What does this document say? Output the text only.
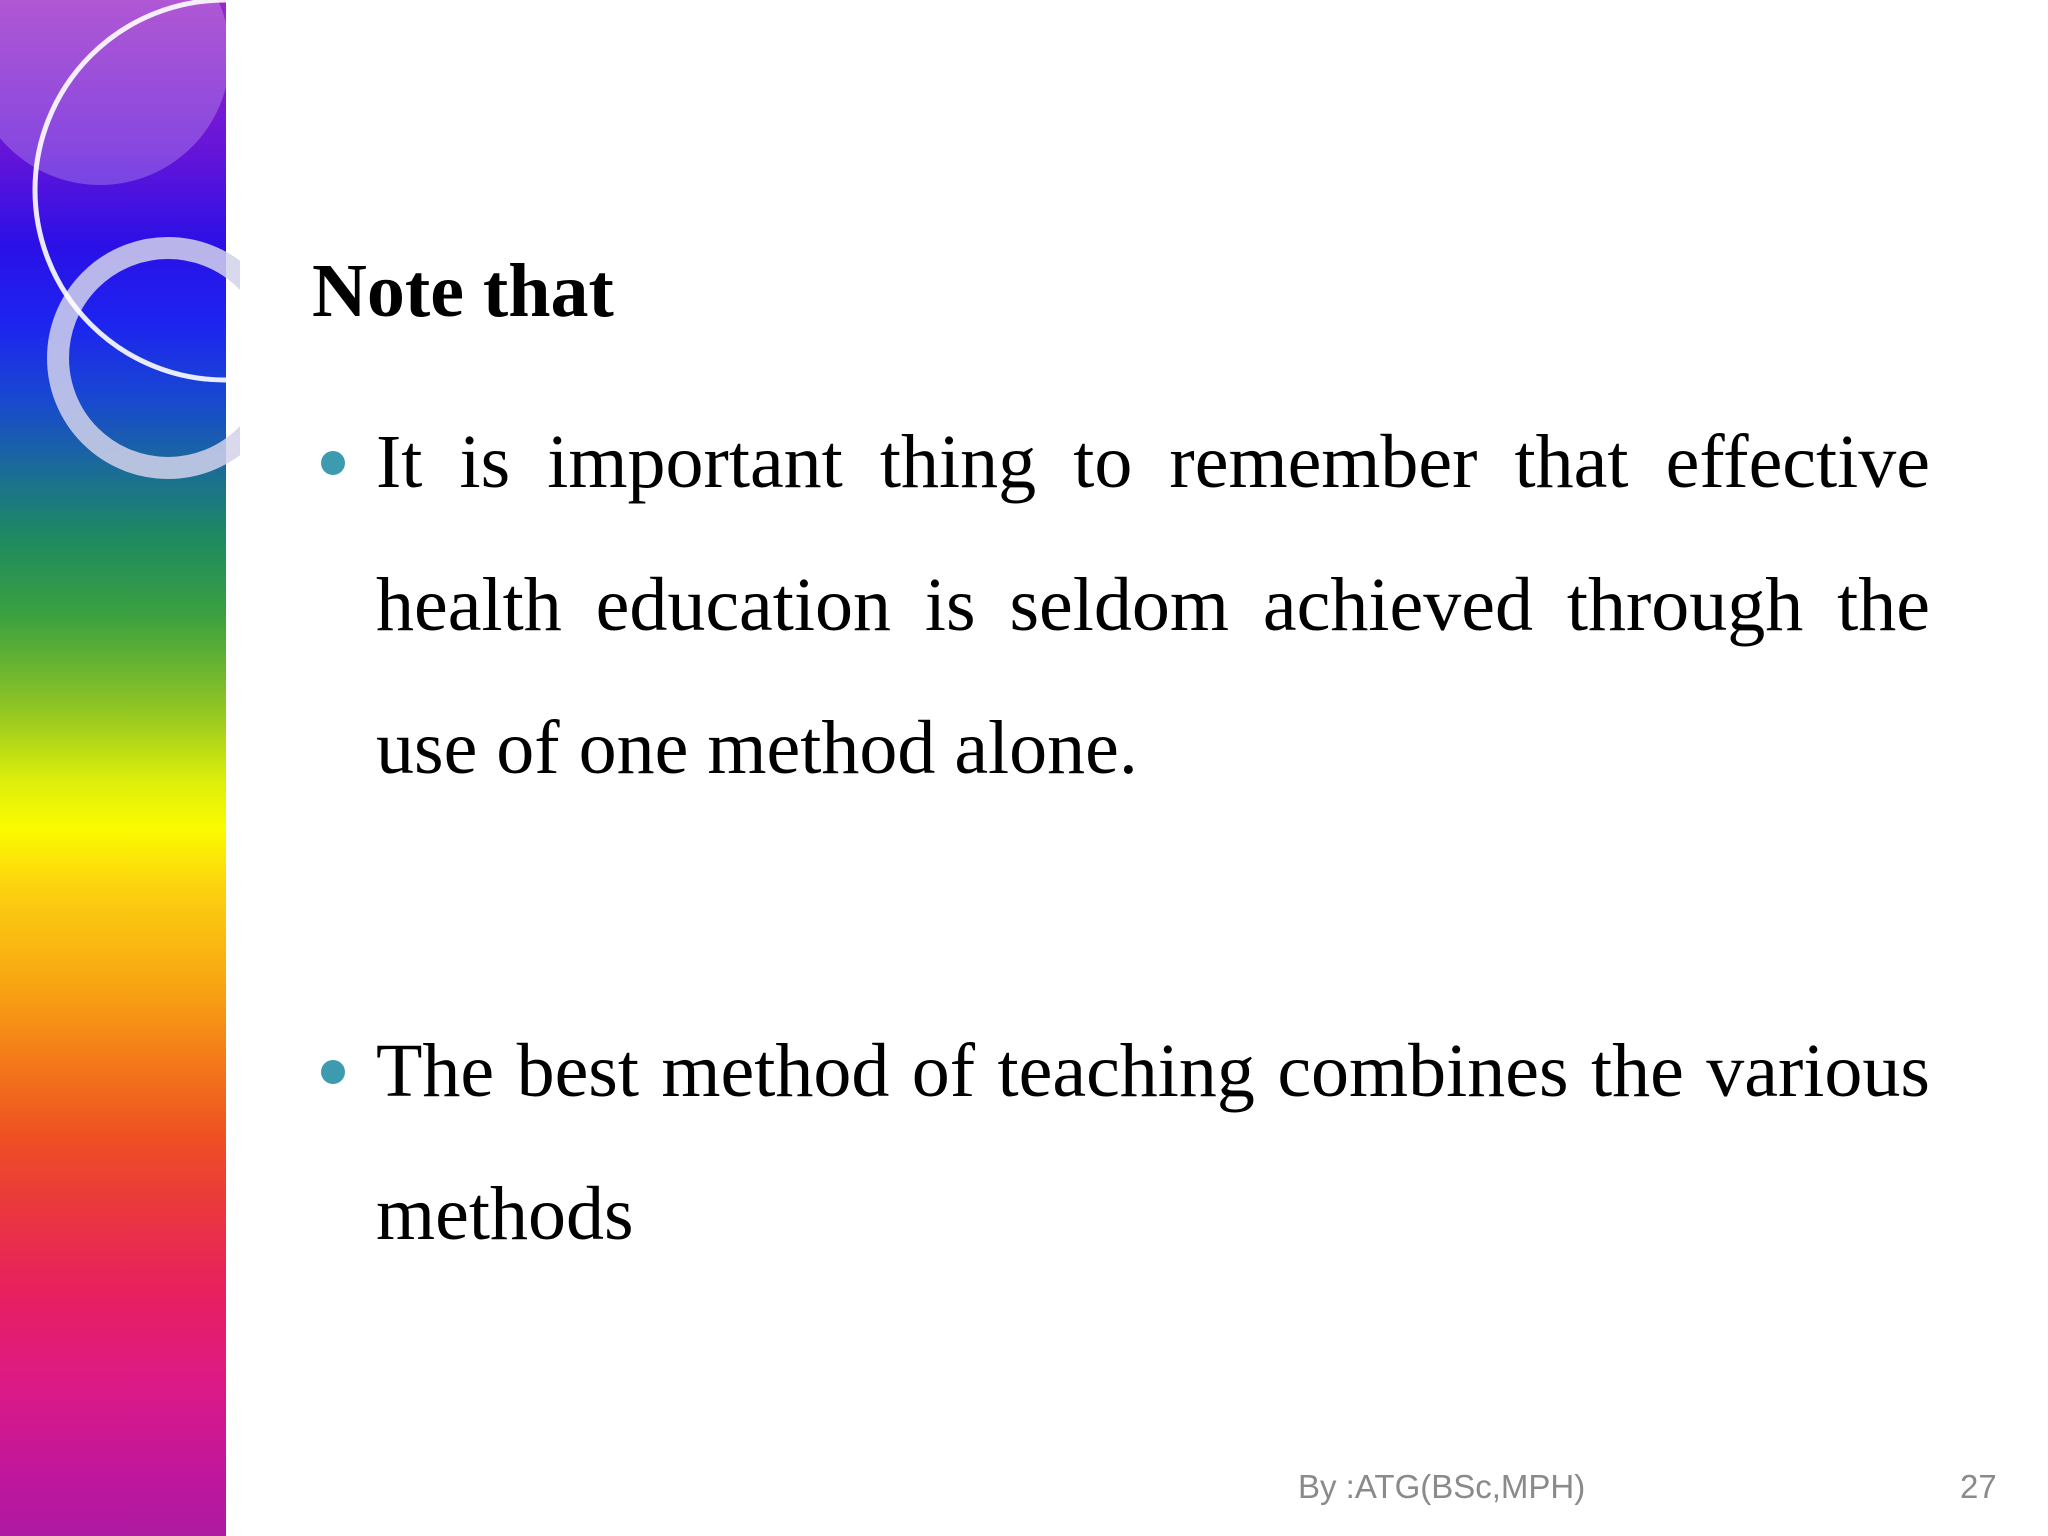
Note that
It is important thing to remember that effective health education is seldom achieved through the use of one method alone.
The best method of teaching combines the various methods
By :ATG(BSc,MPH)	27
